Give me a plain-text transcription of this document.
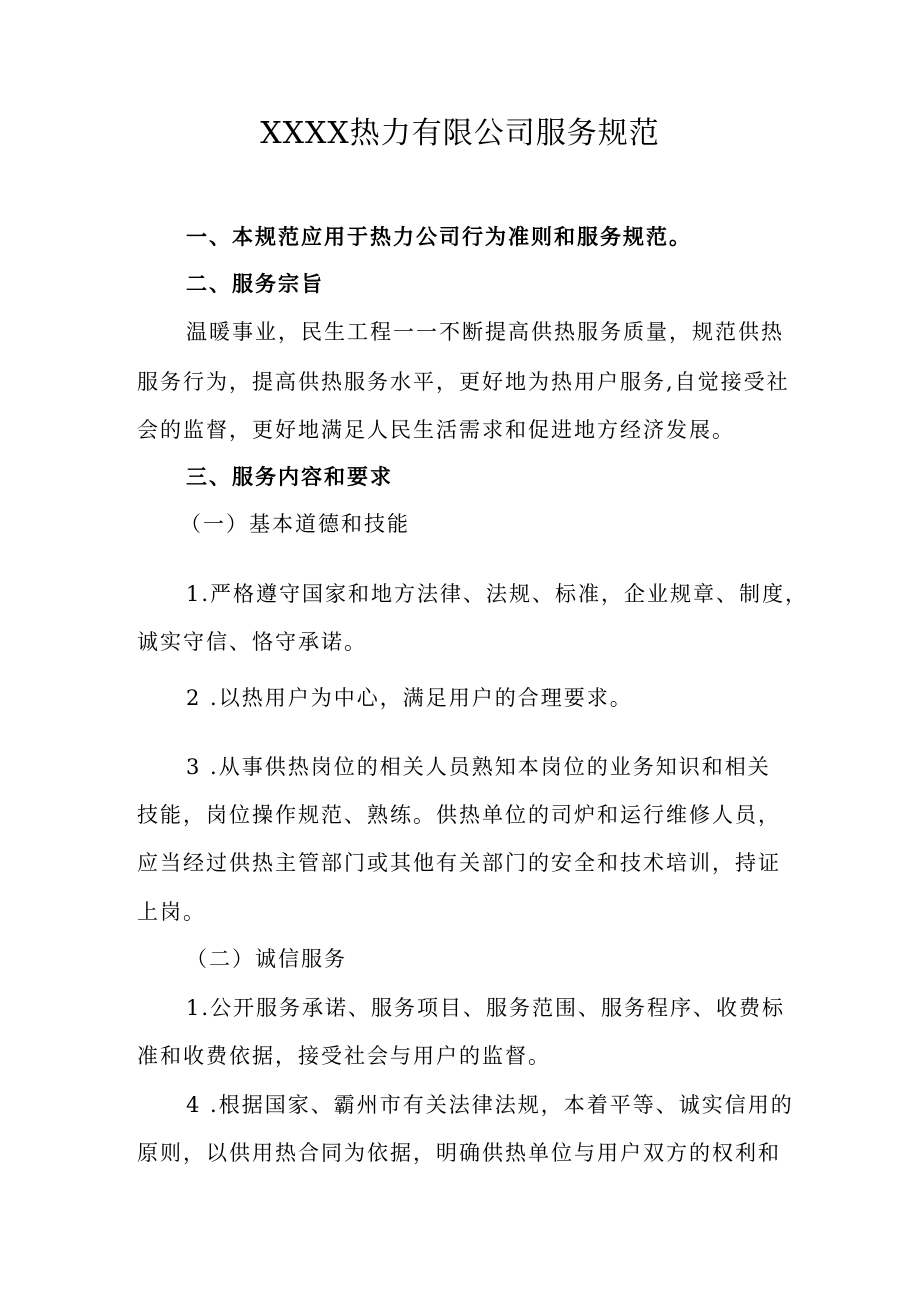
XXXX热力有限公司服务规范
一、本规范应用于热力公司行为准则和服务规范。
二、服务宗旨
温暖事业，民生工程一一不断提高供热服务质量，规范供热
服务行为，提高供热服务水平，更好地为热用户服务,自觉接受社
会的监督，更好地满足人民生活需求和促进地方经济发展。
三、服务内容和要求
（一）基本道德和技能
1.严格遵守国家和地方法律、法规、标准，企业规章、制度，
诚实守信、恪守承诺。
2 .以热用户为中心，满足用户的合理要求。
3 .从事供热岗位的相关人员熟知本岗位的业务知识和相关
技能，岗位操作规范、熟练。供热单位的司炉和运行维修人员，
应当经过供热主管部门或其他有关部门的安全和技术培训，持证
上岗。
（二）诚信服务
1.公开服务承诺、服务项目、服务范围、服务程序、收费标
准和收费依据，接受社会与用户的监督。
4 .根据国家、霸州市有关法律法规，本着平等、诚实信用的
原则，以供用热合同为依据，明确供热单位与用户双方的权利和
